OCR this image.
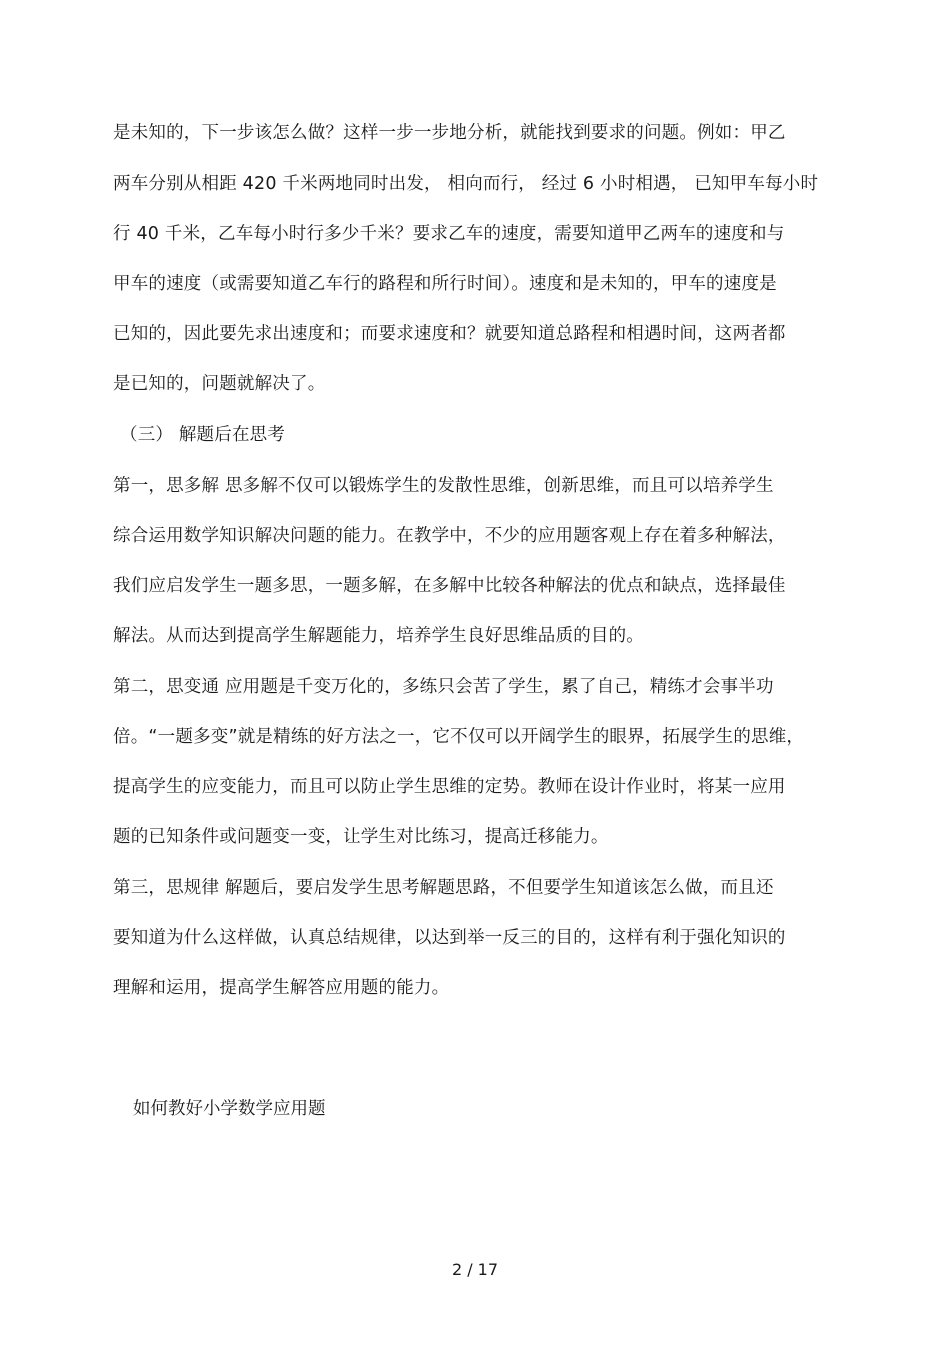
是未知的，下一步该怎么做？这样一步一步地分析，就能找到要求的问题。例如：甲乙
两车分别从相距 420 千米两地同时出发， 相向而行， 经过 6 小时相遇， 已知甲车每小时
行 40 千米，乙车每小时行多少千米？要求乙车的速度，需要知道甲乙两车的速度和与
甲车的速度（或需要知道乙车行的路程和所行时间）。速度和是未知的，甲车的速度是
已知的，因此要先求出速度和；而要求速度和？就要知道总路程和相遇时间，这两者都
是已知的，问题就解决了。
（三） 解题后在思考
第一，思多解 思多解不仅可以锻炼学生的发散性思维，创新思维，而且可以培养学生
综合运用数学知识解决问题的能力。在教学中，不少的应用题客观上存在着多种解法，
我们应启发学生一题多思，一题多解，在多解中比较各种解法的优点和缺点，选择最佳
解法。从而达到提高学生解题能力，培养学生良好思维品质的目的。
第二，思变通 应用题是千变万化的，多练只会苦了学生，累了自己，精练才会事半功
倍。“一题多变”就是精练的好方法之一，它不仅可以开阔学生的眼界，拓展学生的思维，
提高学生的应变能力，而且可以防止学生思维的定势。教师在设计作业时，将某一应用
题的已知条件或问题变一变，让学生对比练习，提高迁移能力。
第三，思规律 解题后，要启发学生思考解题思路，不但要学生知道该怎么做，而且还
要知道为什么这样做，认真总结规律，以达到举一反三的目的，这样有利于强化知识的
理解和运用，提高学生解答应用题的能力。
如何教好小学数学应用题
2 / 17
